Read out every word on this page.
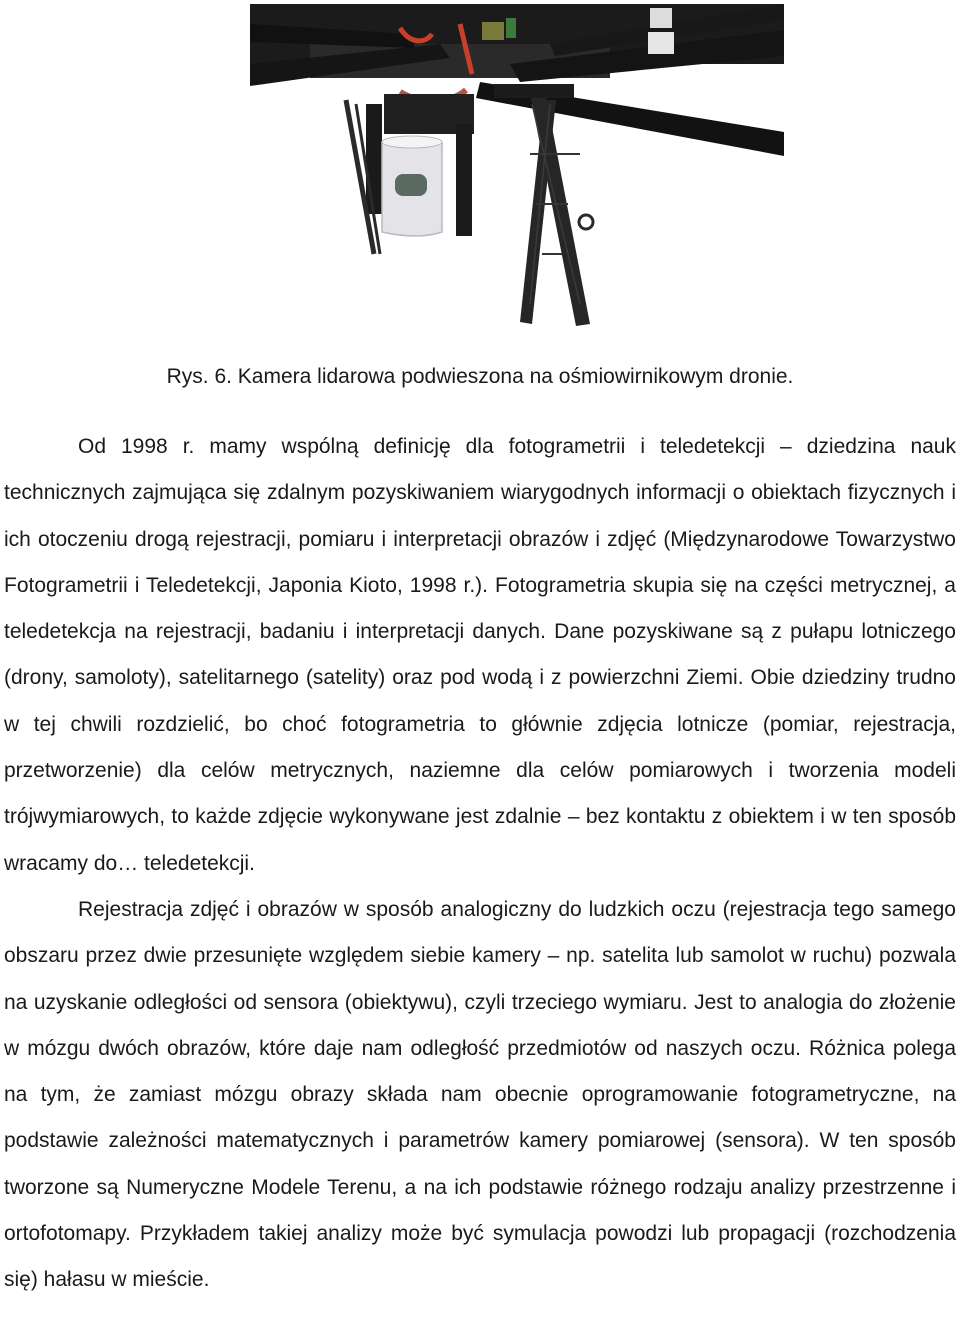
Rys. 6. Kamera lidarowa podwieszona na ośmiowirnikowym dronie.

Od 1998 r. mamy wspólną definicję dla fotogrametrii i teledetekcji – dziedzina nauk technicznych zajmująca się zdalnym pozyskiwaniem wiarygodnych informacji o obiektach fizycznych i ich otoczeniu drogą rejestracji, pomiaru i interpretacji obrazów i zdjęć (Międzynarodowe Towarzystwo Fotogrametrii i Teledetekcji, Japonia Kioto, 1998 r.). Fotogrametria skupia się na części metrycznej, a teledetekcja na rejestracji, badaniu i interpretacji danych. Dane pozyskiwane są z pułapu lotniczego (drony, samoloty), satelitarnego (satelity) oraz pod wodą i z powierzchni Ziemi. Obie dziedziny trudno w tej chwili rozdzielić, bo choć fotogrametria to głównie zdjęcia lotnicze (pomiar, rejestracja, przetworzenie) dla celów metrycznych, naziemne dla celów pomiarowych i tworzenia modeli trójwymiarowych, to każde zdjęcie wykonywane jest zdalnie – bez kontaktu z obiektem i w ten sposób wracamy do… teledetekcji.

Rejestracja zdjęć i obrazów w sposób analogiczny do ludzkich oczu (rejestracja tego samego obszaru przez dwie przesunięte względem siebie kamery – np. satelita lub samolot w ruchu) pozwala na uzyskanie odległości od sensora (obiektywu), czyli trzeciego wymiaru. Jest to analogia do złożenie w mózgu dwóch obrazów, które daje nam odległość przedmiotów od naszych oczu. Różnica polega na tym, że zamiast mózgu obrazy składa nam obecnie oprogramowanie fotogrametryczne, na podstawie zależności matematycznych i parametrów kamery pomiarowej (sensora). W ten sposób tworzone są Numeryczne Modele Terenu, a na ich podstawie różnego rodzaju analizy przestrzenne i ortofotomapy. Przykładem takiej analizy może być symulacja powodzi lub propagacji (rozchodzenia się) hałasu w mieście.
